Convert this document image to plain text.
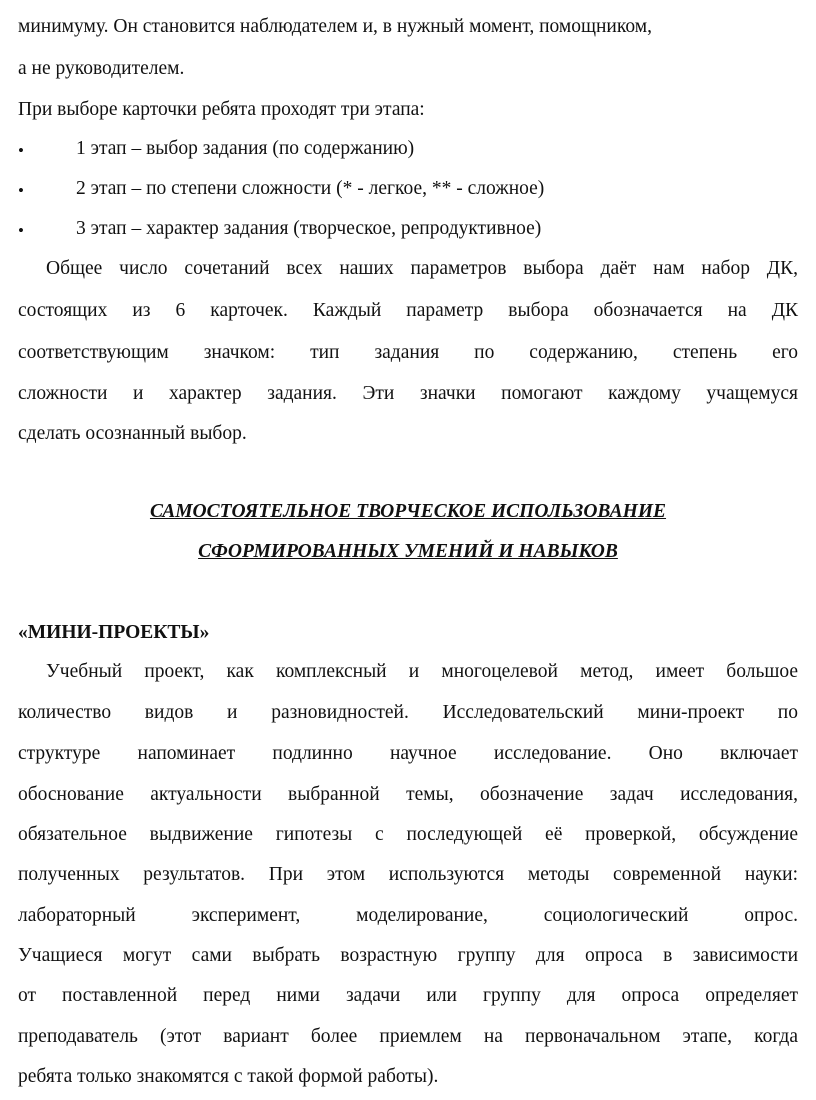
минимуму. Он становится наблюдателем и, в нужный момент, помощником,
а не руководителем.
При выборе карточки ребята проходят три этапа:
•	1 этап – выбор задания (по содержанию)
•	2 этап – по степени сложности (* - легкое, ** - сложное)
•	3 этап – характер задания (творческое, репродуктивное)
Общее число сочетаний всех наших параметров выбора даёт нам набор ДК,
состоящих из 6 карточек. Каждый параметр выбора обозначается на ДК
соответствующим значком: тип задания по содержанию, степень его
сложности и характер задания. Эти значки помогают каждому учащемуся
сделать осознанный выбор.
САМОСТОЯТЕЛЬНОЕ ТВОРЧЕСКОЕ ИСПОЛЬЗОВАНИЕ
СФОРМИРОВАННЫХ УМЕНИЙ И НАВЫКОВ
«МИНИ-ПРОЕКТЫ»
Учебный проект, как комплексный и многоцелевой метод, имеет большое
количество видов и разновидностей. Исследовательский мини-проект по
структуре напоминает подлинно научное исследование. Оно включает
обоснование актуальности выбранной темы, обозначение задач исследования,
обязательное выдвижение гипотезы с последующей её проверкой, обсуждение
полученных результатов. При этом используются методы современной науки:
лабораторный эксперимент, моделирование, социологический опрос.
Учащиеся могут сами выбрать возрастную группу для опроса в зависимости
от поставленной перед ними задачи или группу для опроса определяет
преподаватель (этот вариант более приемлем на первоначальном этапе, когда
ребята только знакомятся с такой формой работы).
